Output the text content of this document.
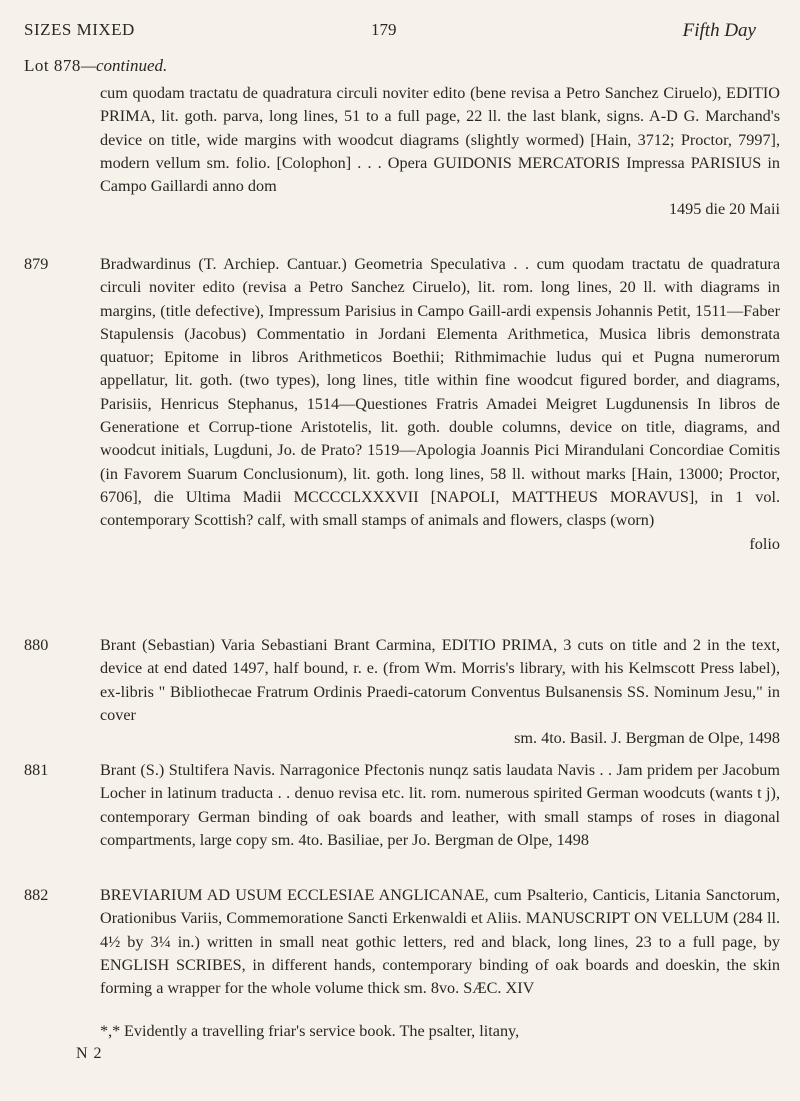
SIZES MIXED	179	Fifth Day
Lot 878—continued.

cum quodam tractatu de quadratura circuli noviter edito (bene revisa a Petro Sanchez Ciruelo), EDITIO PRIMA, lit. goth. parva, long lines, 51 to a full page, 22 ll. the last blank, signs. A-D G. Marchand's device on title, wide margins with woodcut diagrams (slightly wormed) [Hain, 3712; Proctor, 7997], modern vellum sm. folio. [Colophon] . . . Opera GUIDONIS MERCATORIS Impressa PARISIUS in Campo Gaillardi anno dom

1495 die 20 Maii

879	Bradwardinus (T. Archiep. Cantuar.) Geometria Speculativa . . cum quodam tractatu de quadratura circuli noviter edito (revisa a Petro Sanchez Ciruelo), lit. rom. long lines, 20 ll. with diagrams in margins, (title defective), Impressum Parisius in Campo Gaill-ardi expensis Johannis Petit, 1511—Faber Stapulensis (Jacobus) Commentatio in Jordani Elementa Arithmetica, Musica libris demonstrata quatuor; Epitome in libros Arithmeticos Boethii; Rithmimachie ludus qui et Pugna numerorum appellatur, lit. goth. (two types), long lines, title within fine woodcut figured border, and diagrams, Parisiis, Henricus Stephanus, 1514—Questiones Fratris Amadei Meigret Lugdunensis In libros de Generatione et Corrup-tione Aristotelis, lit. goth. double columns, device on title, diagrams, and woodcut initials, Lugduni, Jo. de Prato? 1519—Apologia Joannis Pici Mirandulani Concordiae Comitis (in Favorem Suarum Conclusionum), lit. goth. long lines, 58 ll. without marks [Hain, 13000; Proctor, 6706], die Ultima Madii MCCCCLXXXVII [NAPOLI, MATTHEUS MORAVUS], in 1 vol. contemporary Scottish? calf, with small stamps of animals and flowers, clasps (worn)

folio

880	Brant (Sebastian) Varia Sebastiani Brant Carmina, EDITIO PRIMA, 3 cuts on title and 2 in the text, device at end dated 1497, half bound, r. e. (from Wm. Morris's library, with his Kelmscott Press label), ex-libris " Bibliothecae Fratrum Ordinis Praedi-catorum Conventus Bulsanensis SS. Nominum Jesu," in cover

sm. 4to. Basil. J. Bergman de Olpe, 1498

881	Brant (S.) Stultifera Navis. Narragonice Pfectonis nunqz satis laudata Navis . . Jam pridem per Jacobum Locher in latinum traducta . . denuo revisa etc. lit. rom. numerous spirited German woodcuts (wants t j), contemporary German binding of oak boards and leather, with small stamps of roses in diagonal compartments, large copy sm. 4to. Basiliae, per Jo. Bergman de Olpe, 1498

882	BREVIARIUM AD USUM ECCLESIAE ANGLICANAE, cum Psalterio, Canticis, Litania Sanctorum, Orationibus Variis, Commemoratione Sancti Erkenwaldi et Aliis. MANUSCRIPT ON VELLUM (284 ll. 4½ by 3¼ in.) written in small neat gothic letters, red and black, long lines, 23 to a full page, by ENGLISH SCRIBES, in different hands, contemporary binding of oak boards and doeskin, the skin forming a wrapper for the whole volume thick sm. 8vo. SÆC. XIV

*,* Evidently a travelling friar's service book. The psalter, litany,
N 2
